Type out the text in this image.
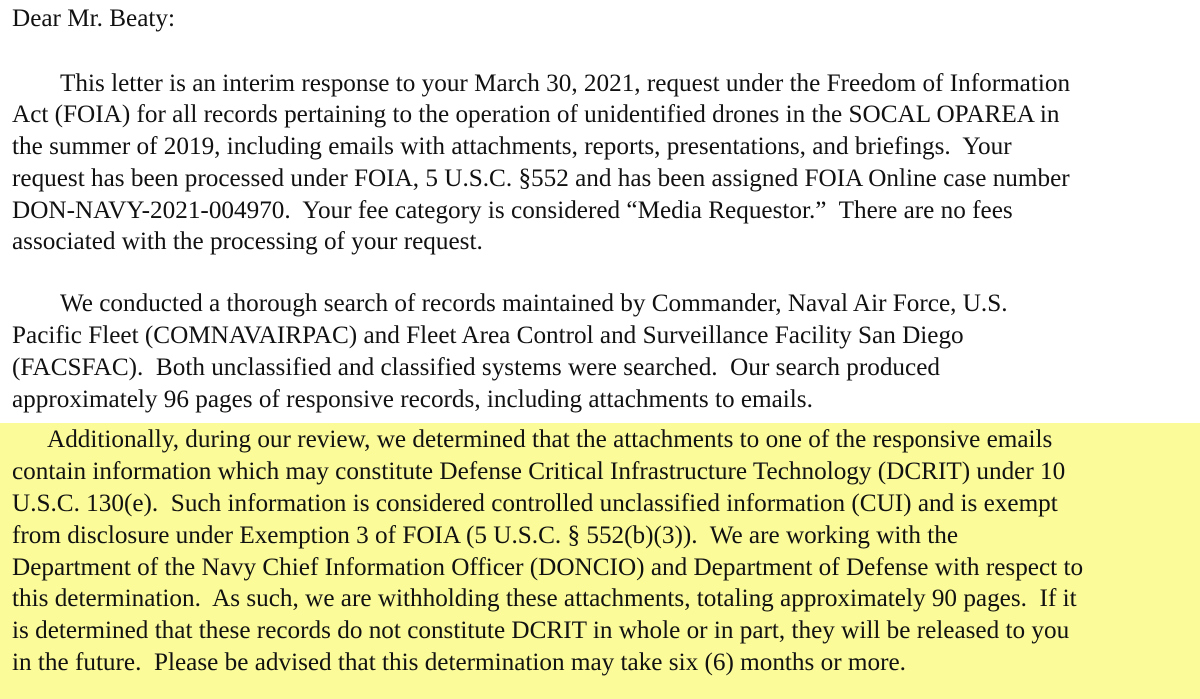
Dear Mr. Beaty:
This letter is an interim response to your March 30, 2021, request under the Freedom of Information
Act (FOIA) for all records pertaining to the operation of unidentified drones in the SOCAL OPAREA in
the summer of 2019, including emails with attachments, reports, presentations, and briefings.  Your
request has been processed under FOIA, 5 U.S.C. §552 and has been assigned FOIA Online case number
DON-NAVY-2021-004970.  Your fee category is considered “Media Requestor.”  There are no fees
associated with the processing of your request.
We conducted a thorough search of records maintained by Commander, Naval Air Force, U.S.
Pacific Fleet (COMNAVAIRPAC) and Fleet Area Control and Surveillance Facility San Diego
(FACSFAC).  Both unclassified and classified systems were searched.  Our search produced
approximately 96 pages of responsive records, including attachments to emails.
Additionally, during our review, we determined that the attachments to one of the responsive emails
contain information which may constitute Defense Critical Infrastructure Technology (DCRIT) under 10
U.S.C. 130(e).  Such information is considered controlled unclassified information (CUI) and is exempt
from disclosure under Exemption 3 of FOIA (5 U.S.C. § 552(b)(3)).  We are working with the
Department of the Navy Chief Information Officer (DONCIO) and Department of Defense with respect to
this determination.  As such, we are withholding these attachments, totaling approximately 90 pages.  If it
is determined that these records do not constitute DCRIT in whole or in part, they will be released to you
in the future.  Please be advised that this determination may take six (6) months or more.
